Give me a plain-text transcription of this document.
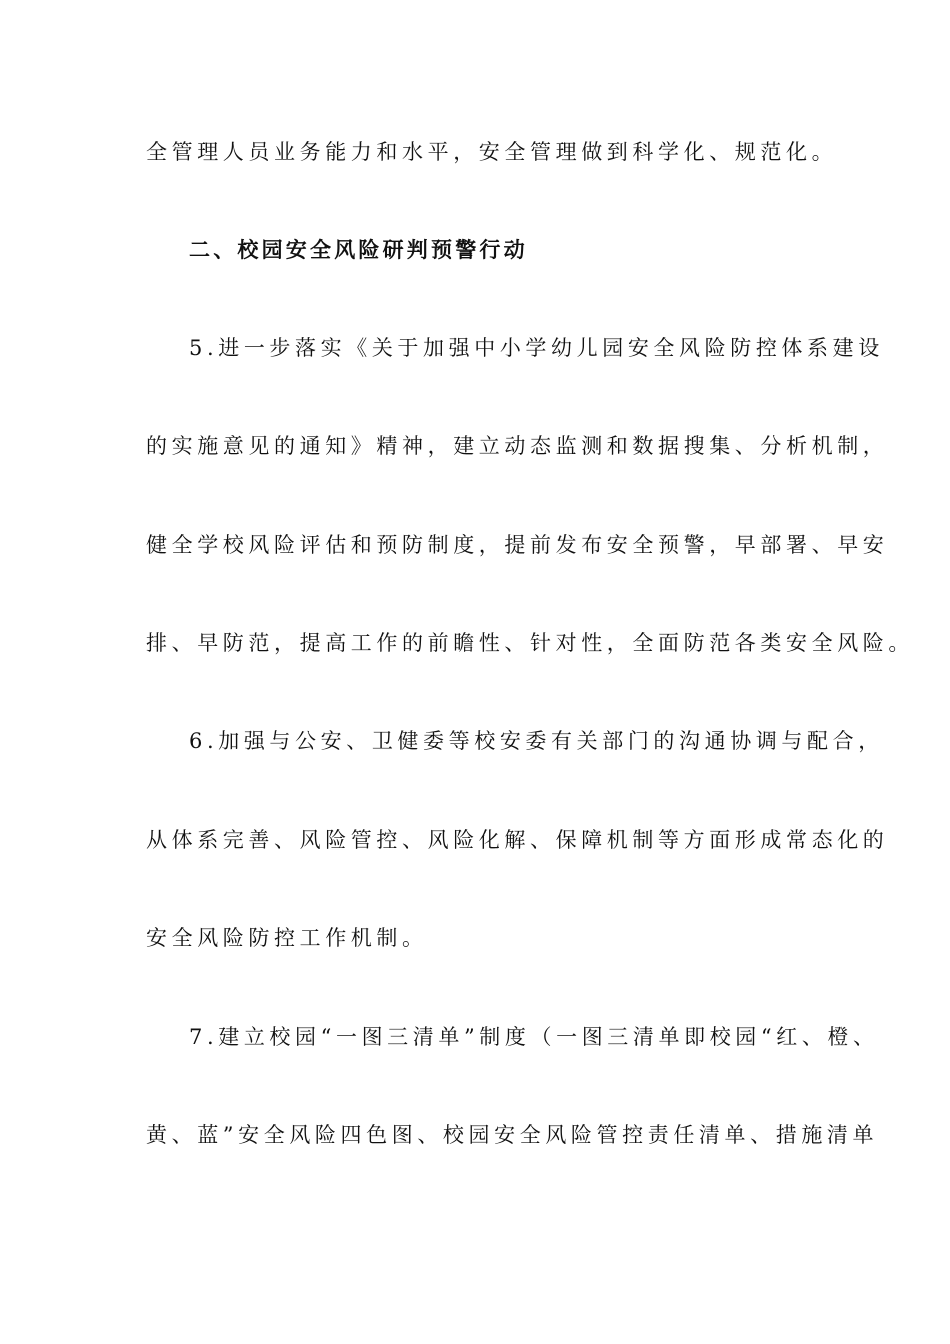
全管理人员业务能力和水平，安全管理做到科学化、规范化。
二、校园安全风险研判预警行动
5.进一步落实《关于加强中小学幼儿园安全风险防控体系建设
的实施意见的通知》精神，建立动态监测和数据搜集、分析机制，
健全学校风险评估和预防制度，提前发布安全预警，早部署、早安
排、早防范，提高工作的前瞻性、针对性，全面防范各类安全风险。
6.加强与公安、卫健委等校安委有关部门的沟通协调与配合，
从体系完善、风险管控、风险化解、保障机制等方面形成常态化的
安全风险防控工作机制。
7.建立校园“一图三清单”制度（一图三清单即校园“红、橙、
黄、蓝”安全风险四色图、校园安全风险管控责任清单、措施清单
